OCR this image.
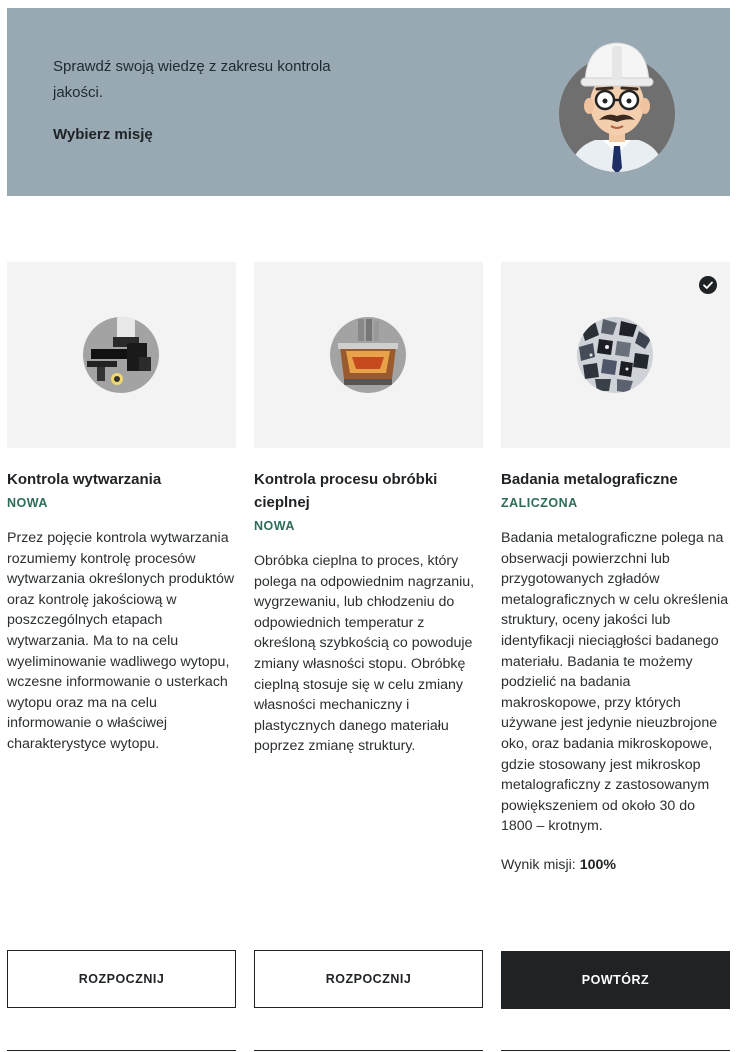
Sprawdź swoją wiedzę z zakresu kontrola jakości.

Wybierz misję

Kontrola wytwarzania
NOWA

Przez pojęcie kontrola wytwarzania rozumiemy kontrolę procesów wytwarzania określonych produktów oraz kontrolę jakościową w poszczególnych etapach wytwarzania. Ma to na celu wyeliminowanie wadliwego wytopu, wczesne informowanie o usterkach wytopu oraz ma na celu informowanie o właściwej charakterystyce wytopu.

Kontrola procesu obróbki cieplnej
NOWA

Obróbka cieplna to proces, który polega na odpowiednim nagrzaniu, wygrzewaniu, lub chłodzeniu do odpowiednich temperatur z określoną szybkością co powoduje zmiany własności stopu. Obróbkę cieplną stosuje się w celu zmiany własności mechaniczny i plastycznych danego materiału poprzez zmianę struktury.

Badania metalograficzne
ZALICZONA

Badania metalograficzne polega na obserwacji powierzchni lub przygotowanych zgładów metalograficznych w celu określenia struktury, oceny jakości lub identyfikacji nieciągłości badanego materiału. Badania te możemy podzielić na badania makroskopowe, przy których używane jest jedynie nieuzbrojone oko, oraz badania mikroskopowe, gdzie stosowany jest mikroskop metalograficzny z zastosowanym powiększeniem od około 30 do 1800 – krotnym.

Wynik misji: 100%

ROZPOCZNIJ	ROZPOCZNIJ	POWTÓRZ
